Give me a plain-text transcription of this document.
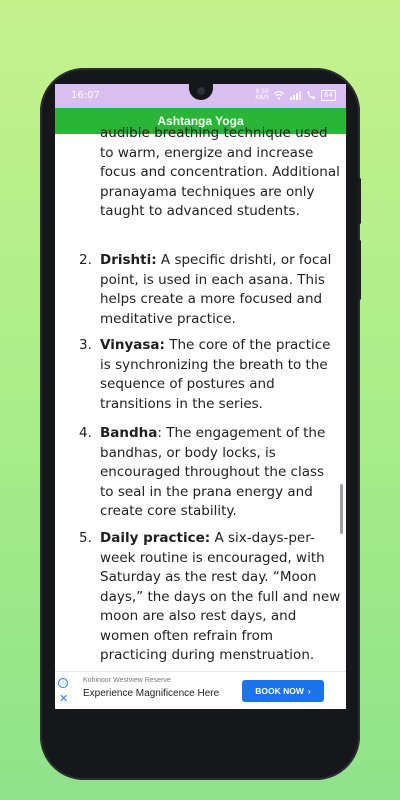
16:07	0.50
KB/S	64
Ashtanga Yoga
audible breathing technique used to warm, energize and increase focus and concentration. Additional pranayama techniques are only taught to advanced students.
2. Drishti: A specific drishti, or focal point, is used in each asana. This helps create a more focused and meditative practice.
3. Vinyasa: The core of the practice is synchronizing the breath to the sequence of postures and transitions in the series.
4. Bandha: The engagement of the bandhas, or body locks, is encouraged throughout the class to seal in the prana energy and create core stability.
5. Daily practice: A six-days-per-week routine is encouraged, with Saturday as the rest day. “Moon days,” the days on the full and new moon are also rest days, and women often refrain from practicing during menstruation.
ⓘ
✕
Kohinoor Westview Reserve
Experience Magnificence Here	BOOK NOW ›
